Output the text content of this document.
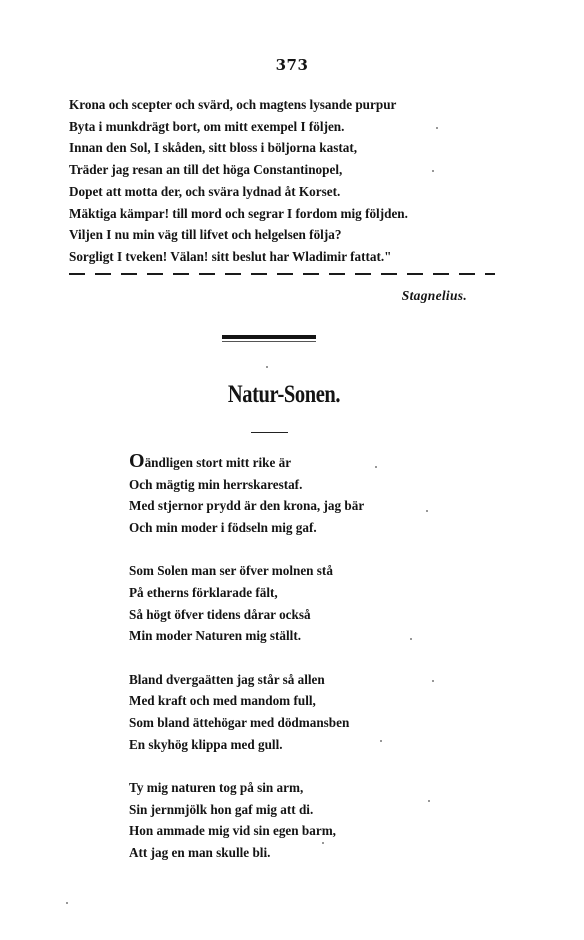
373
Krona och scepter och svärd, och magtens lysande purpur
Byta i munkdrägt bort, om mitt exempel I följen.
Innan den Sol, I skåden, sitt bloss i böljorna kastat,
Träder jag resan an till det höga Constantinopel,
Dopet att motta der, och svära lydnad åt Korset.
Mäktiga kämpar! till mord och segrar I fordom mig följden.
Viljen I nu min väg till lifvet och helgelsen följa?
Sorgligt I tveken! Välan! sitt beslut har Wladimir fattat."
Stagnelius.
Natur-Sonen.
Oändligen stort mitt rike är
Och mägtig min herrskarestaf.
Med stjernor prydd är den krona, jag bär
Och min moder i födseln mig gaf.
Som Solen man ser öfver molnen stå
På etherns förklarade fält,
Så högt öfver tidens dårar också
Min moder Naturen mig ställt.
Bland dvergaätten jag står så allen
Med kraft och med mandom full,
Som bland ättehögar med dödmansben
En skyhög klippa med gull.
Ty mig naturen tog på sin arm,
Sin jernmjölk hon gaf mig att di.
Hon ammade mig vid sin egen barm,
Att jag en man skulle bli.
